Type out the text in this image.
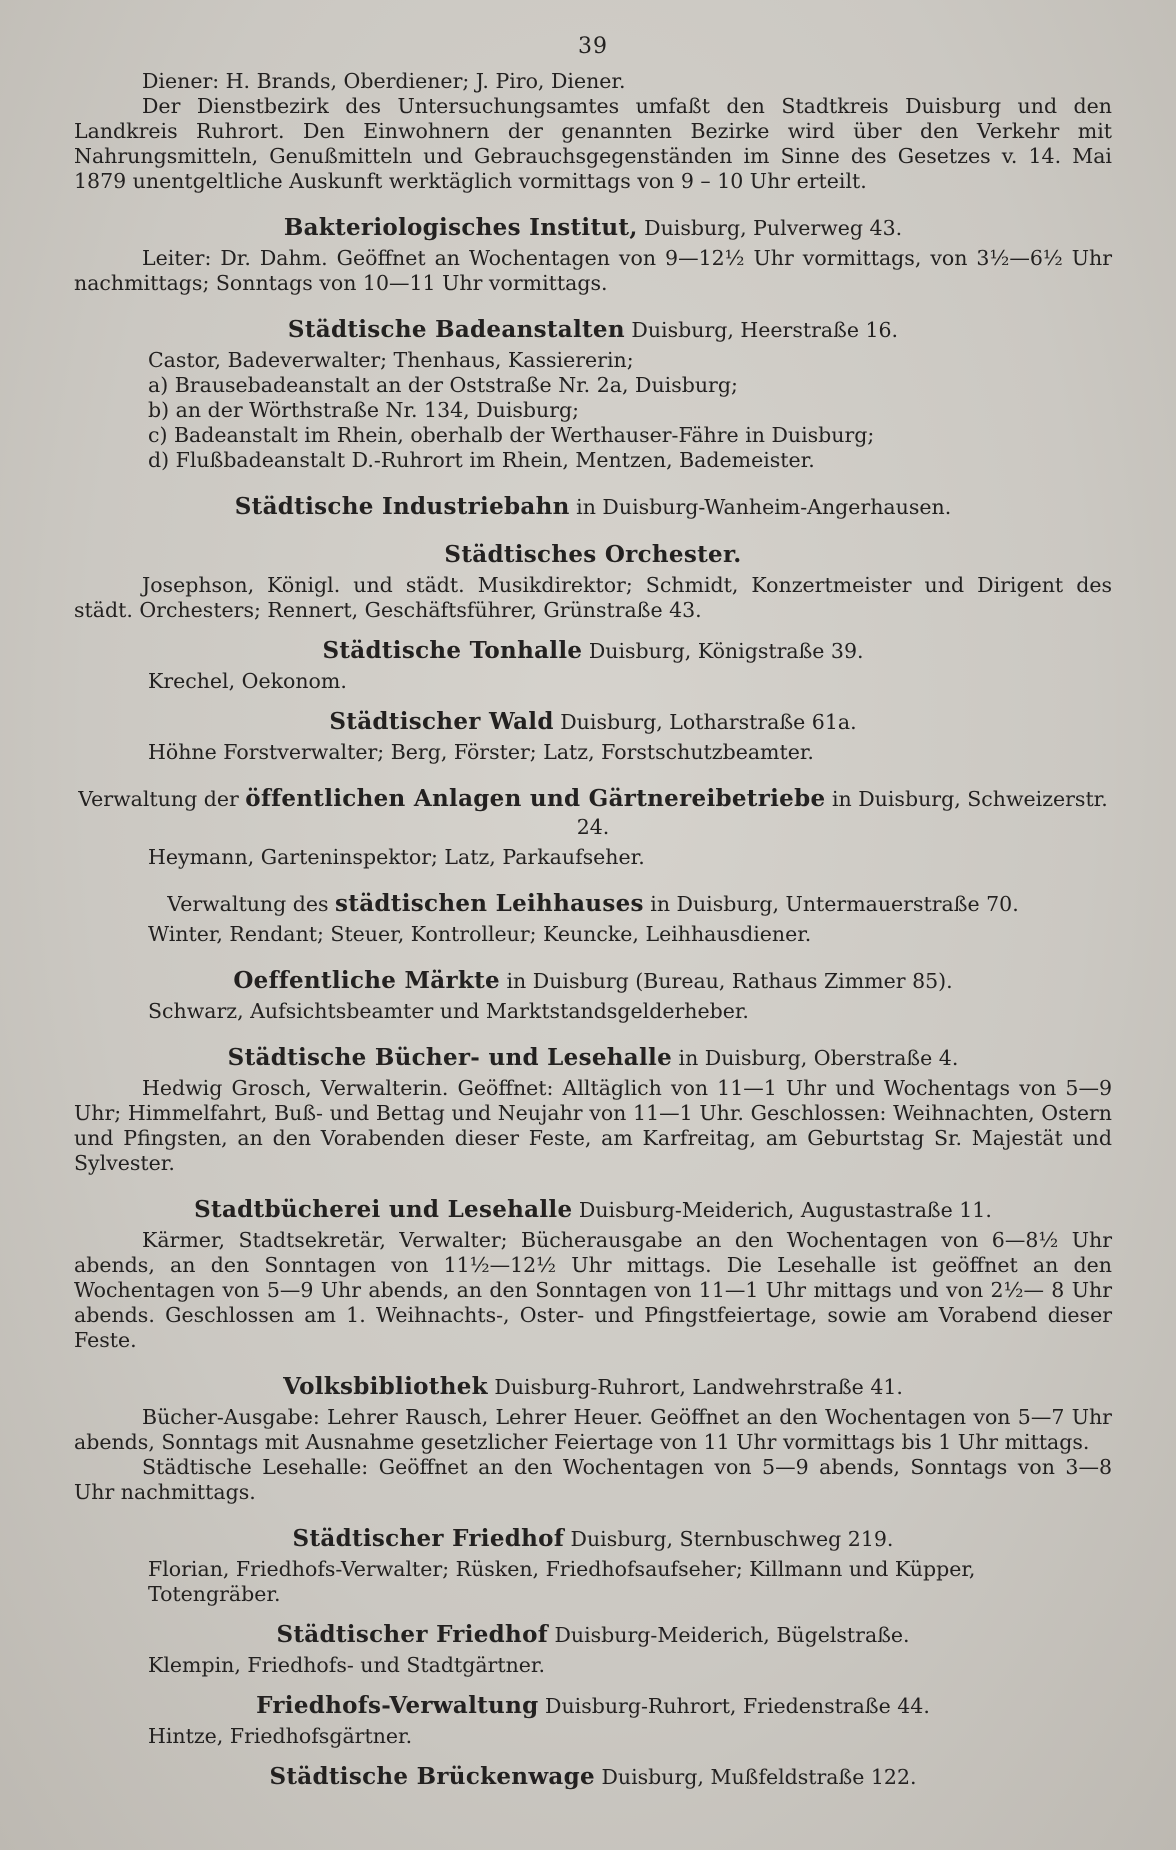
39

Diener: H. Brands, Oberdiener; J. Piro, Diener.

Der Dienstbezirk des Untersuchungsamtes umfaßt den Stadtkreis Duisburg und den Landkreis Ruhrort. Den Einwohnern der genannten Bezirke wird über den Verkehr mit Nahrungsmitteln, Genußmitteln und Gebrauchsgegenständen im Sinne des Gesetzes v. 14. Mai 1879 unentgeltliche Auskunft werktäglich vormittags von 9 – 10 Uhr erteilt.

Bakteriologisches Institut, Duisburg, Pulverweg 43.

Leiter: Dr. Dahm. Geöffnet an Wochentagen von 9—12½ Uhr vormittags, von 3½—6½ Uhr nachmittags; Sonntags von 10—11 Uhr vormittags.

Städtische Badeanstalten Duisburg, Heerstraße 16.

Castor, Badeverwalter; Thenhaus, Kassiererin;

a) Brausebadeanstalt an der Oststraße Nr. 2a, Duisburg;

b) an der Wörthstraße Nr. 134, Duisburg;

c) Badeanstalt im Rhein, oberhalb der Werthauser-Fähre in Duisburg;

d) Flußbadeanstalt D.-Ruhrort im Rhein, Mentzen, Bademeister.

Städtische Industriebahn in Duisburg-Wanheim-Angerhausen.
Städtisches Orchester.

Josephson, Königl. und städt. Musikdirektor; Schmidt, Konzertmeister und Dirigent des städt. Orchesters; Rennert, Geschäftsführer, Grünstraße 43.

Städtische Tonhalle Duisburg, Königstraße 39.

Krechel, Oekonom.

Städtischer Wald Duisburg, Lotharstraße 61a.

Höhne Forstverwalter; Berg, Förster; Latz, Forstschutzbeamter.

Verwaltung der öffentlichen Anlagen und Gärtnereibetriebe in Duisburg, Schweizerstr. 24.

Heymann, Garteninspektor; Latz, Parkaufseher.

Verwaltung des städtischen Leihhauses in Duisburg, Untermauerstraße 70.

Winter, Rendant; Steuer, Kontrolleur; Keuncke, Leihhausdiener.

Oeffentliche Märkte in Duisburg (Bureau, Rathaus Zimmer 85).

Schwarz, Aufsichtsbeamter und Marktstandsgelderheber.

Städtische Bücher- und Lesehalle in Duisburg, Oberstraße 4.

Hedwig Grosch, Verwalterin. Geöffnet: Alltäglich von 11—1 Uhr und Wochentags von 5—9 Uhr; Himmelfahrt, Buß- und Bettag und Neujahr von 11—1 Uhr. Geschlossen: Weihnachten, Ostern und Pfingsten, an den Vorabenden dieser Feste, am Karfreitag, am Geburtstag Sr. Majestät und Sylvester.

Stadtbücherei und Lesehalle Duisburg-Meiderich, Augustastraße 11.

Kärmer, Stadtsekretär, Verwalter; Bücherausgabe an den Wochentagen von 6—8½ Uhr abends, an den Sonntagen von 11½—12½ Uhr mittags. Die Lesehalle ist geöffnet an den Wochentagen von 5—9 Uhr abends, an den Sonntagen von 11—1 Uhr mittags und von 2½— 8 Uhr abends. Geschlossen am 1. Weihnachts-, Oster- und Pfingstfeiertage, sowie am Vorabend dieser Feste.

Volksbibliothek Duisburg-Ruhrort, Landwehrstraße 41.

Bücher-Ausgabe: Lehrer Rausch, Lehrer Heuer. Geöffnet an den Wochentagen von 5—7 Uhr abends, Sonntags mit Ausnahme gesetzlicher Feiertage von 11 Uhr vormittags bis 1 Uhr mittags.

Städtische Lesehalle: Geöffnet an den Wochentagen von 5—9 abends, Sonntags von 3—8 Uhr nachmittags.

Städtischer Friedhof Duisburg, Sternbuschweg 219.

Florian, Friedhofs-Verwalter; Rüsken, Friedhofsaufseher; Killmann und Küpper, Totengräber.

Städtischer Friedhof Duisburg-Meiderich, Bügelstraße.

Klempin, Friedhofs- und Stadtgärtner.

Friedhofs-Verwaltung Duisburg-Ruhrort, Friedenstraße 44.

Hintze, Friedhofsgärtner.

Städtische Brückenwage Duisburg, Mußfeldstraße 122.
